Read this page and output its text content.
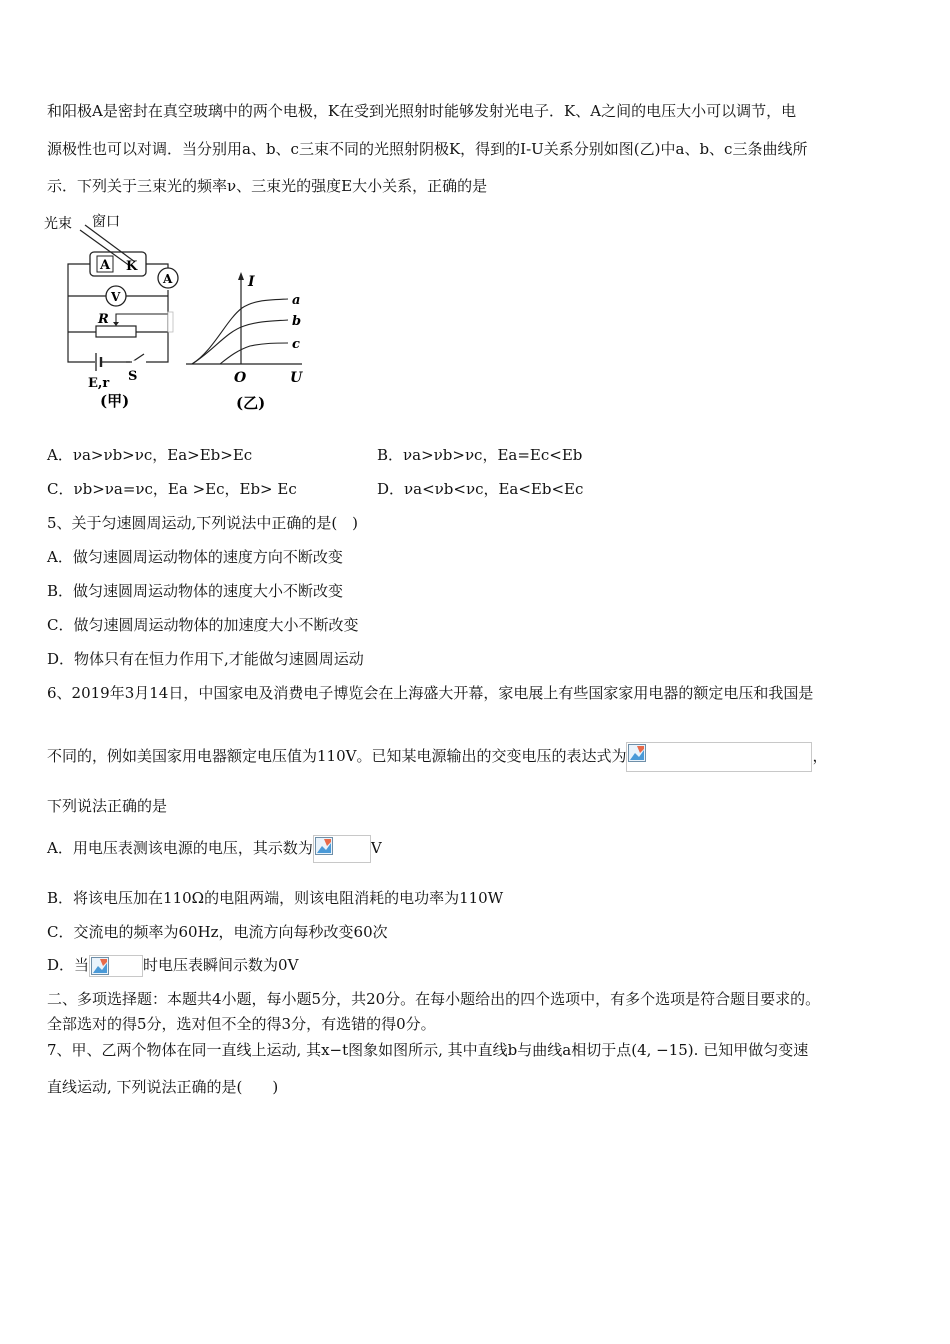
和阳极A是密封在真空玻璃中的两个电极，K在受到光照射时能够发射光电子．K、A之间的电压大小可以调节，电
源极性也可以对调．当分别用a、b、c三束不同的光照射阴极K，得到的I-U关系分别如图(乙)中a、b、c三条曲线所
示．下列关于三束光的频率ν、三束光的强度E大小关系，正确的是
光束 窗口
A K
A
V
R
E,r S
(甲)
I
O	U
a
b
c
(乙)
A．νa>νb>νc，Ea>Eb>Ec	B．νa>νb>νc，Ea=Ec<Eb
C．νb>νa=νc，Ea >Ec，Eb> Ec	D．νa<νb<νc，Ea<Eb<Ec
5、关于匀速圆周运动,下列说法中正确的是(　)
A．做匀速圆周运动物体的速度方向不断改变
B．做匀速圆周运动物体的速度大小不断改变
C．做匀速圆周运动物体的加速度大小不断改变
D．物体只有在恒力作用下,才能做匀速圆周运动
6、2019年3月14日，中国家电及消费电子博览会在上海盛大开幕，家电展上有些国家家用电器的额定电压和我国是
不同的，例如美国家用电器额定电压值为110V。已知某电源输出的交变电压的表达式为	，
下列说法正确的是
A．用电压表测该电源的电压，其示数为	V
B．将该电压加在110Ω的电阻两端，则该电阻消耗的电功率为110W
C．交流电的频率为60Hz，电流方向每秒改变60次
D．当	时电压表瞬间示数为0V
二、多项选择题：本题共4小题，每小题5分，共20分。在每小题给出的四个选项中，有多个选项是符合题目要求的。
全部选对的得5分，选对但不全的得3分，有选错的得0分。
7、甲、乙两个物体在同一直线上运动, 其x−t图象如图所示, 其中直线b与曲线a相切于点(4, −15). 已知甲做匀变速
直线运动, 下列说法正确的是(　　)
